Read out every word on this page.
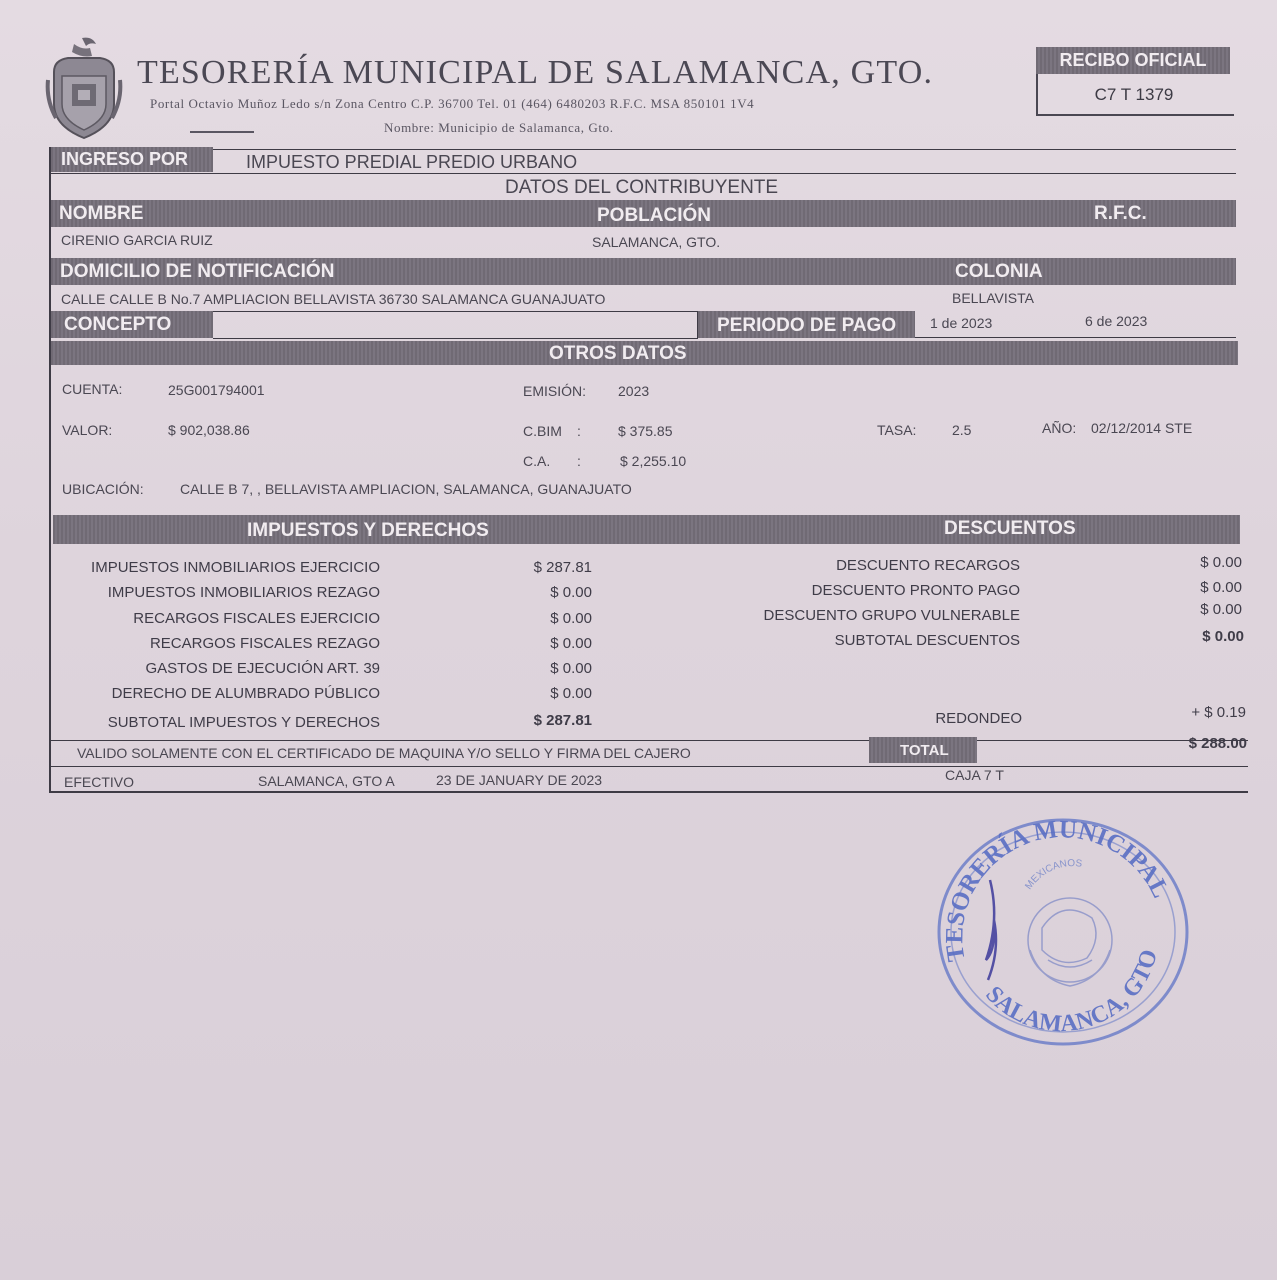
TESORERÍA MUNICIPAL DE SALAMANCA, GTO.
Portal Octavio Muñoz Ledo s/n Zona Centro C.P. 36700 Tel. 01 (464) 6480203 R.F.C. MSA 850101 1V4
Nombre: Municipio de Salamanca, Gto.
RECIBO OFICIAL
C7 T 1379
INGRESO POR	IMPUESTO PREDIAL PREDIO URBANO
DATOS DEL CONTRIBUYENTE
NOMBRE	POBLACIÓN	R.F.C.
CIRENIO GARCIA RUIZ	SALAMANCA, GTO.
DOMICILIO DE NOTIFICACIÓN	COLONIA
CALLE CALLE B No.7 AMPLIACION BELLAVISTA 36730 SALAMANCA GUANAJUATO	BELLAVISTA
CONCEPTO	PERIODO DE PAGO 1 de 2023	6 de 2023
OTROS DATOS
CUENTA:	25G001794001	EMISIÓN: 2023
VALOR:	$ 902,038.86	C.BIM :	$ 375.85	TASA:	2.5	AÑO: 02/12/2014 STE
C.A. :	$ 2,255.10
UBICACIÓN:	CALLE B 7, , BELLAVISTA AMPLIACION, SALAMANCA, GUANAJUATO
IMPUESTOS Y DERECHOS	DESCUENTOS
IMPUESTOS INMOBILIARIOS EJERCICIO	$ 287.81
IMPUESTOS INMOBILIARIOS REZAGO	$ 0.00
RECARGOS FISCALES EJERCICIO	$ 0.00
RECARGOS FISCALES REZAGO	$ 0.00
GASTOS DE EJECUCIÓN ART. 39	$ 0.00
DERECHO DE ALUMBRADO PÚBLICO	$ 0.00
SUBTOTAL IMPUESTOS Y DERECHOS	$ 287.81
DESCUENTO RECARGOS	$ 0.00
DESCUENTO PRONTO PAGO	$ 0.00
DESCUENTO GRUPO VULNERABLE	$ 0.00
SUBTOTAL DESCUENTOS	$ 0.00
REDONDEO	+ $ 0.19
VALIDO SOLAMENTE CON EL CERTIFICADO DE MAQUINA Y/O SELLO Y FIRMA DEL CAJERO	TOTAL	$ 288.00
EFECTIVO	SALAMANCA, GTO A	23 DE JANUARY DE 2023	CAJA 7 T
TESORERÍA MUNICIPAL
SALAMANCA, GTO
MEXICANOS
